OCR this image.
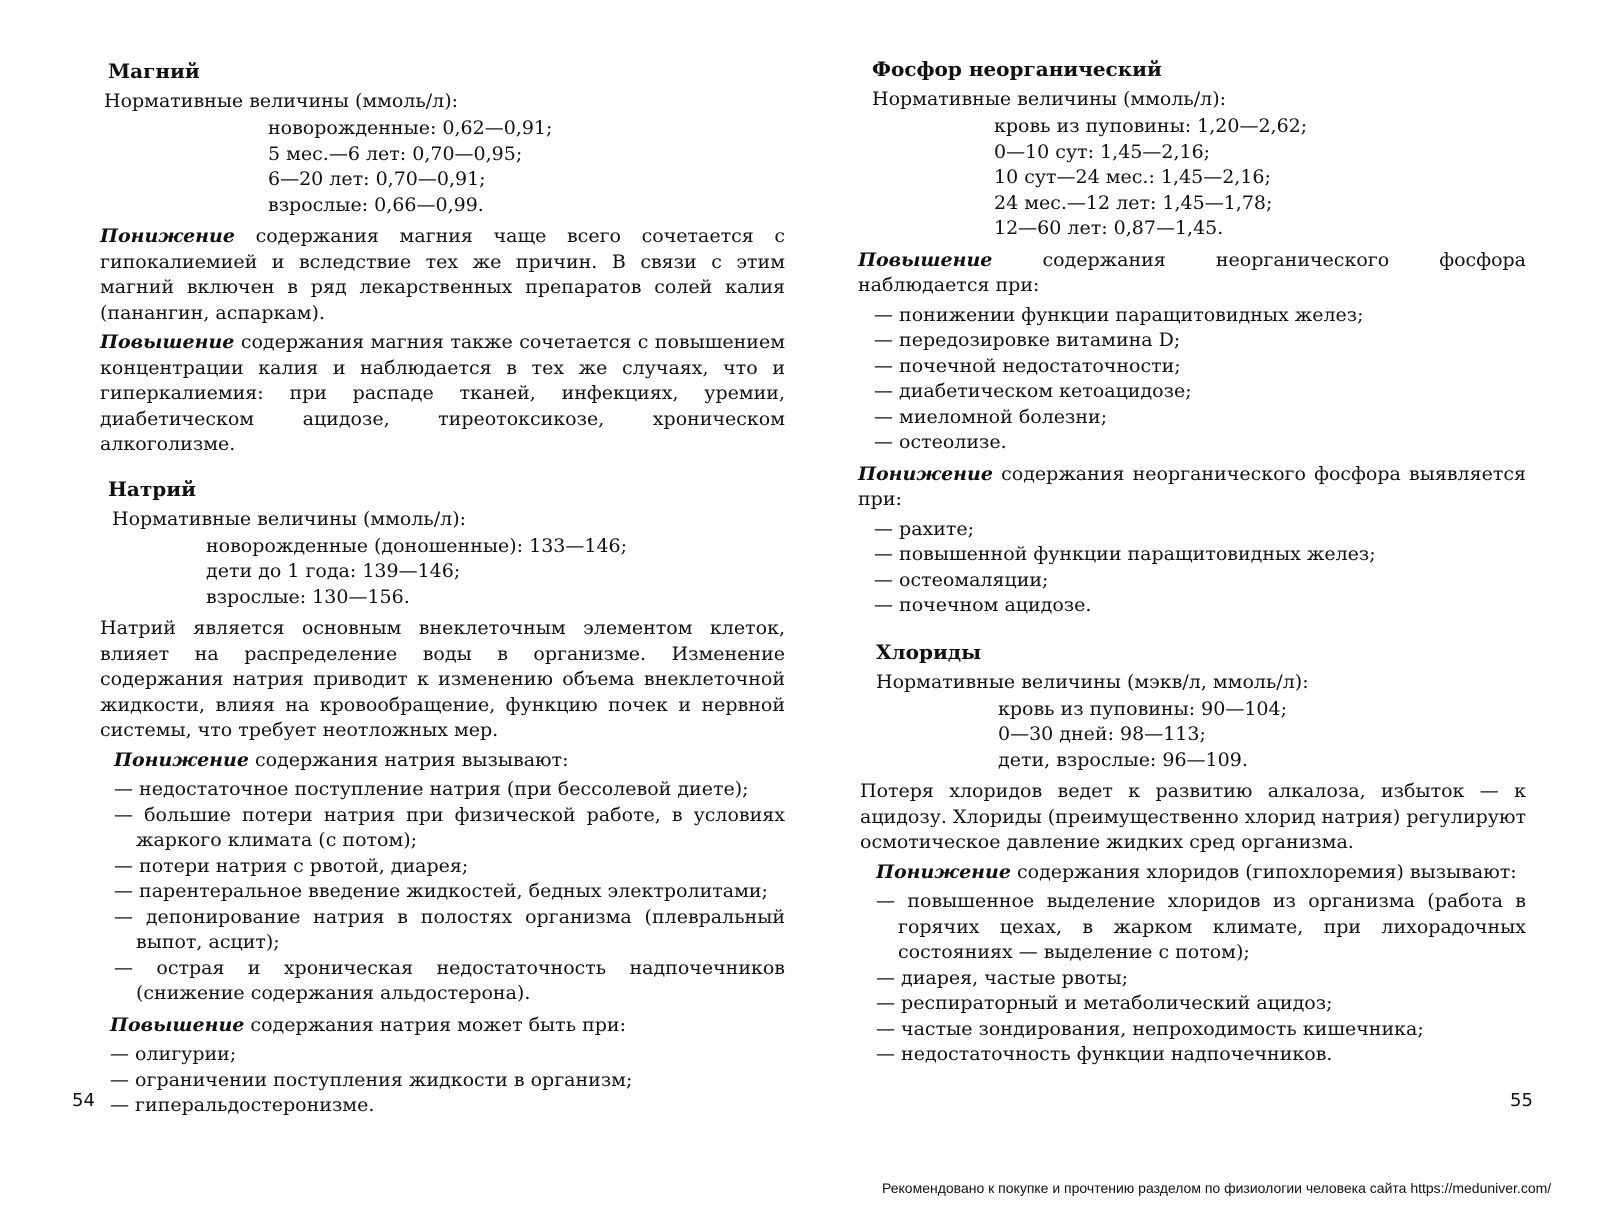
Магний
Нормативные величины (ммоль/л):
новорожденные: 0,62—0,91;
5 мес.—6 лет: 0,70—0,95;
6—20 лет: 0,70—0,91;
взрослые: 0,66—0,99.

Понижение содержания магния чаще всего сочетается с гипокалиемией и вследствие тех же причин. В связи с этим магний включен в ряд лекарственных препаратов солей калия (панангин, аспаркам).

Повышение содержания магния также сочетается с повышением концентрации калия и наблюдается в тех же случаях, что и гиперкалиемия: при распаде тканей, инфекциях, уремии, диабетическом ацидозе, тиреотоксикозе, хроническом алкоголизме.

Натрий
Нормативные величины (ммоль/л):
новорожденные (доношенные): 133—146;
дети до 1 года: 139—146;
взрослые: 130—156.

Натрий является основным внеклеточным элементом клеток, влияет на распределение воды в организме. Изменение содержания натрия приводит к изменению объема внеклеточной жидкости, влияя на кровообращение, функцию почек и нервной системы, что требует неотложных мер.

Понижение содержания натрия вызывают:

— недостаточное поступление натрия (при бессолевой диете);
— большие потери натрия при физической работе, в условиях жаркого климата (с потом);
— потери натрия с рвотой, диарея;
— парентеральное введение жидкостей, бедных электролитами;
— депонирование натрия в полостях организма (плевральный выпот, асцит);
— острая и хроническая недостаточность надпочечников (снижение содержания альдостерона).

Повышение содержания натрия может быть при:

— олигурии;
— ограничении поступления жидкости в организм;
— гиперальдостеронизме.
Фосфор неорганический
Нормативные величины (ммоль/л):
кровь из пуповины: 1,20—2,62;
0—10 сут: 1,45—2,16;
10 сут—24 мес.: 1,45—2,16;
24 мес.—12 лет: 1,45—1,78;
12—60 лет: 0,87—1,45.

Повышение содержания неорганического фосфора наблюдается при:

— понижении функции паращитовидных желез;
— передозировке витамина D;
— почечной недостаточности;
— диабетическом кетоацидозе;
— миеломной болезни;
— остеолизе.

Понижение содержания неорганического фосфора выявляется при:

— рахите;
— повышенной функции паращитовидных желез;
— остеомаляции;
— почечном ацидозе.
Хлориды
Нормативные величины (мэкв/л, ммоль/л):
кровь из пуповины: 90—104;
0—30 дней: 98—113;
дети, взрослые: 96—109.

Потеря хлоридов ведет к развитию алкалоза, избыток — к ацидозу. Хлориды (преимущественно хлорид натрия) регулируют осмотическое давление жидких сред организма.

Понижение содержания хлоридов (гипохлоремия) вызывают:

— повышенное выделение хлоридов из организма (работа в горячих цехах, в жарком климате, при лихорадочных состояниях — выделение с потом);
— диарея, частые рвоты;
— респираторный и метаболический ацидоз;
— частые зондирования, непроходимость кишечника;
— недостаточность функции надпочечников.
54	55
Рекомендовано к покупке и прочтению разделом по физиологии человека сайта https://meduniver.com/
